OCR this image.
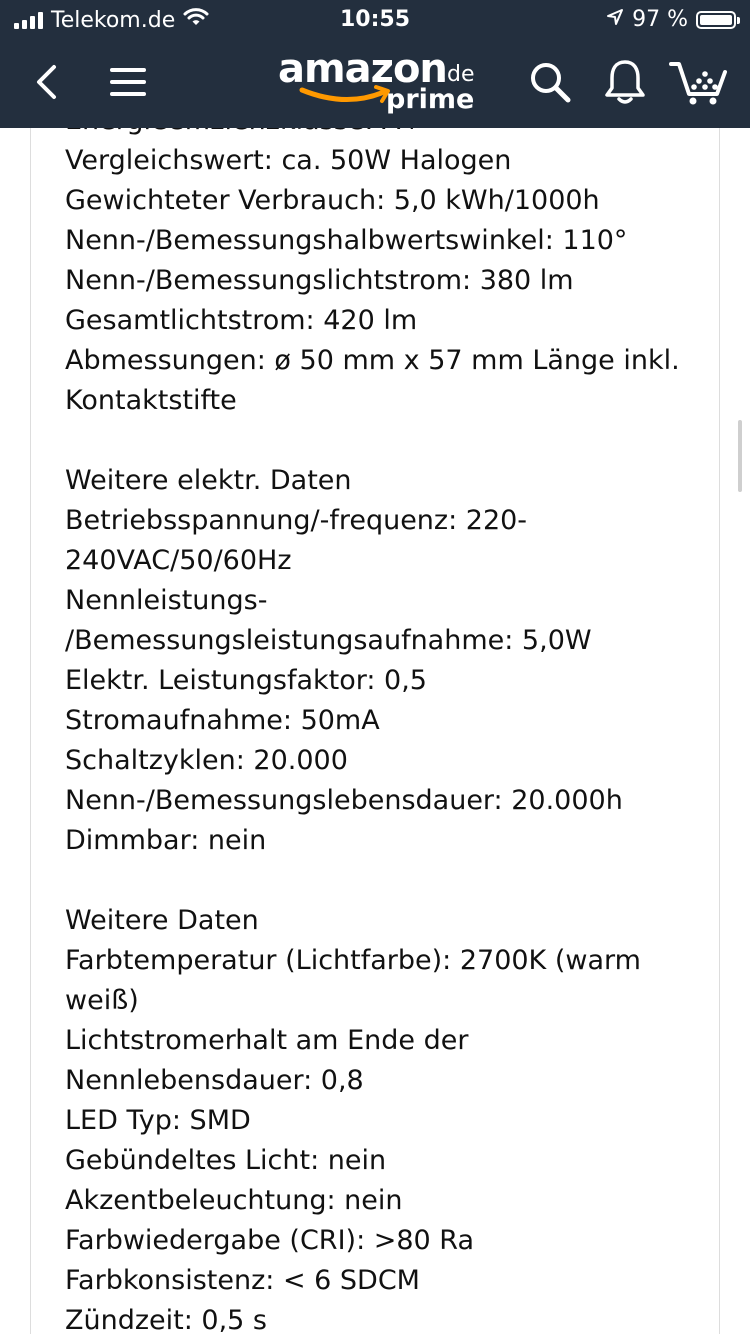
Vergleichswert: ca. 50W Halogen
Gewichteter Verbrauch: 5,0 kWh/1000h
Nenn-/Bemessungshalbwertswinkel: 110°
Nenn-/Bemessungslichtstrom: 380 lm
Gesamtlichtstrom: 420 lm
Abmessungen: ø 50 mm x 57 mm Länge inkl.
Kontaktstifte
Weitere elektr. Daten
Betriebsspannung/-frequenz: 220-
240VAC/50/60Hz
Nennleistungs-
/Bemessungsleistungsaufnahme: 5,0W
Elektr. Leistungsfaktor: 0,5
Stromaufnahme: 50mA
Schaltzyklen: 20.000
Nenn-/Bemessungslebensdauer: 20.000h
Dimmbar: nein
Weitere Daten
Farbtemperatur (Lichtfarbe): 2700K (warm
weiß)
Lichtstromerhalt am Ende der
Nennlebensdauer: 0,8
LED Typ: SMD
Gebündeltes Licht: nein
Akzentbeleuchtung: nein
Farbwiedergabe (CRI): >80 Ra
Farbkonsistenz: < 6 SDCM
Zündzeit: 0,5 s
Telekom.de	10:55	97 %
amazon
.de
prime
